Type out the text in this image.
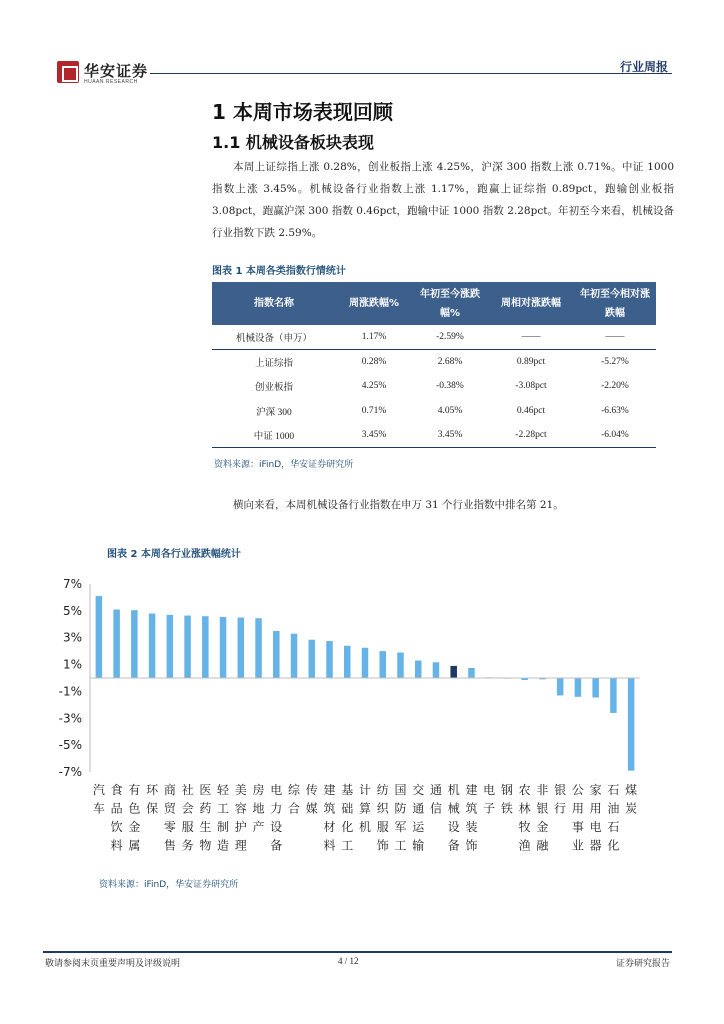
华安证券
HUAAN RESEARCH
行业周报
1 本周市场表现回顾
1.1 机械设备板块表现
本周上证综指上涨 0.28%，创业板指上涨 4.25%，沪深 300 指数上涨 0.71%。中证 1000 指数上涨 3.45%。机械设备行业指数上涨 1.17%，跑赢上证综指 0.89pct，跑输创业板指 3.08pct，跑赢沪深 300 指数 0.46pct，跑输中证 1000 指数 2.28pct。年初至今来看，机械设备行业指数下跌 2.59%。
图表 1 本周各类指数行情统计
指数名称	周涨跌幅%	年初至今涨跌幅%	周相对涨跌幅	年初至今相对涨跌幅
机械设备（申万）	1.17%	-2.59%	——	——
上证综指	0.28%	2.68%	0.89pct	-5.27%
创业板指	4.25%	-0.38%	-3.08pct	-2.20%
沪深 300	0.71%	4.05%	0.46pct	-6.63%
中证 1000	3.45%	3.45%	-2.28pct	-6.04%
资料来源：iFinD，华安证券研究所
横向来看，本周机械设备行业指数在申万 31 个行业指数中排名第 21。
图表 2 本周各行业涨跌幅统计
7%
5%
3%
1%
-1%
-3%
-5%
-7%
汽车
食品饮料
有色金属
环保
商贸零售
社会服务
医药生物
轻工制造
美容护理
房地产
电力设备
综合
传媒
建筑材料
基础化工
计算机
纺织服饰
国防军工
交通运输
通信
机械设备
建筑装饰
电子
钢铁
农林牧渔
非银金融
银行
公用事业
家用电器
石油石化
煤炭
资料来源：iFinD，华安证券研究所
敬请参阅末页重要声明及评级说明	4 / 12	证券研究报告
